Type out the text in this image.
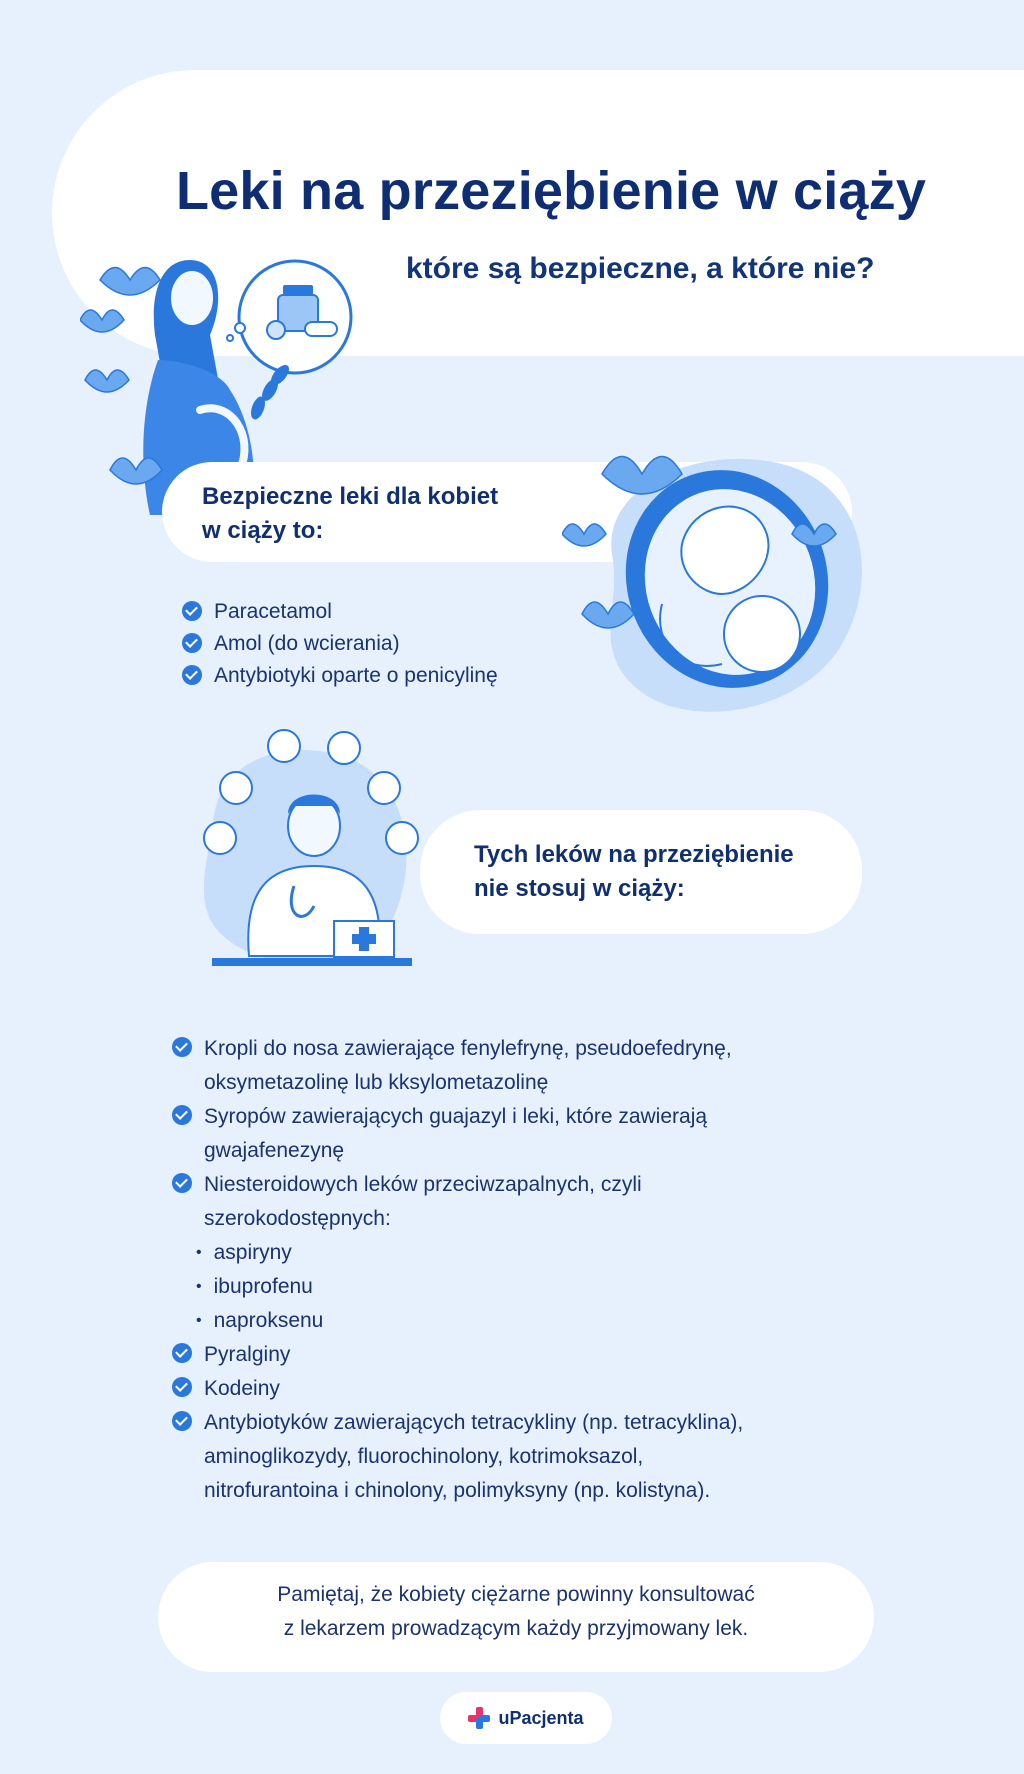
Leki na przeziębienie w ciąży
które są bezpieczne, a które nie?

Bezpieczne leki dla kobiet
w ciąży to:

Paracetamol
Amol (do wcierania)
Antybiotyki oparte o penicylinę

Tych leków na przeziębienie
nie stosuj w ciąży:

Kropli do nosa zawierające fenylefrynę, pseudoefedrynę,
oksymetazolinę lub kksylometazolinę
Syropów zawierających guajazyl i leki, które zawierają
gwajafenezynę
Niesteroidowych leków przeciwzapalnych, czyli
szerokodostępnych:
• aspiryny
• ibuprofenu
• naproksenu
Pyralginy
Kodeiny
Antybiotyków zawierających tetracykliny (np. tetracyklina),
aminoglikozydy, fluorochinolony, kotrimoksazol,
nitrofurantoina i chinolony, polimyksyny (np. kolistyna).

Pamiętaj, że kobiety ciężarne powinny konsultować
z lekarzem prowadzącym każdy przyjmowany lek.

uPacjenta
